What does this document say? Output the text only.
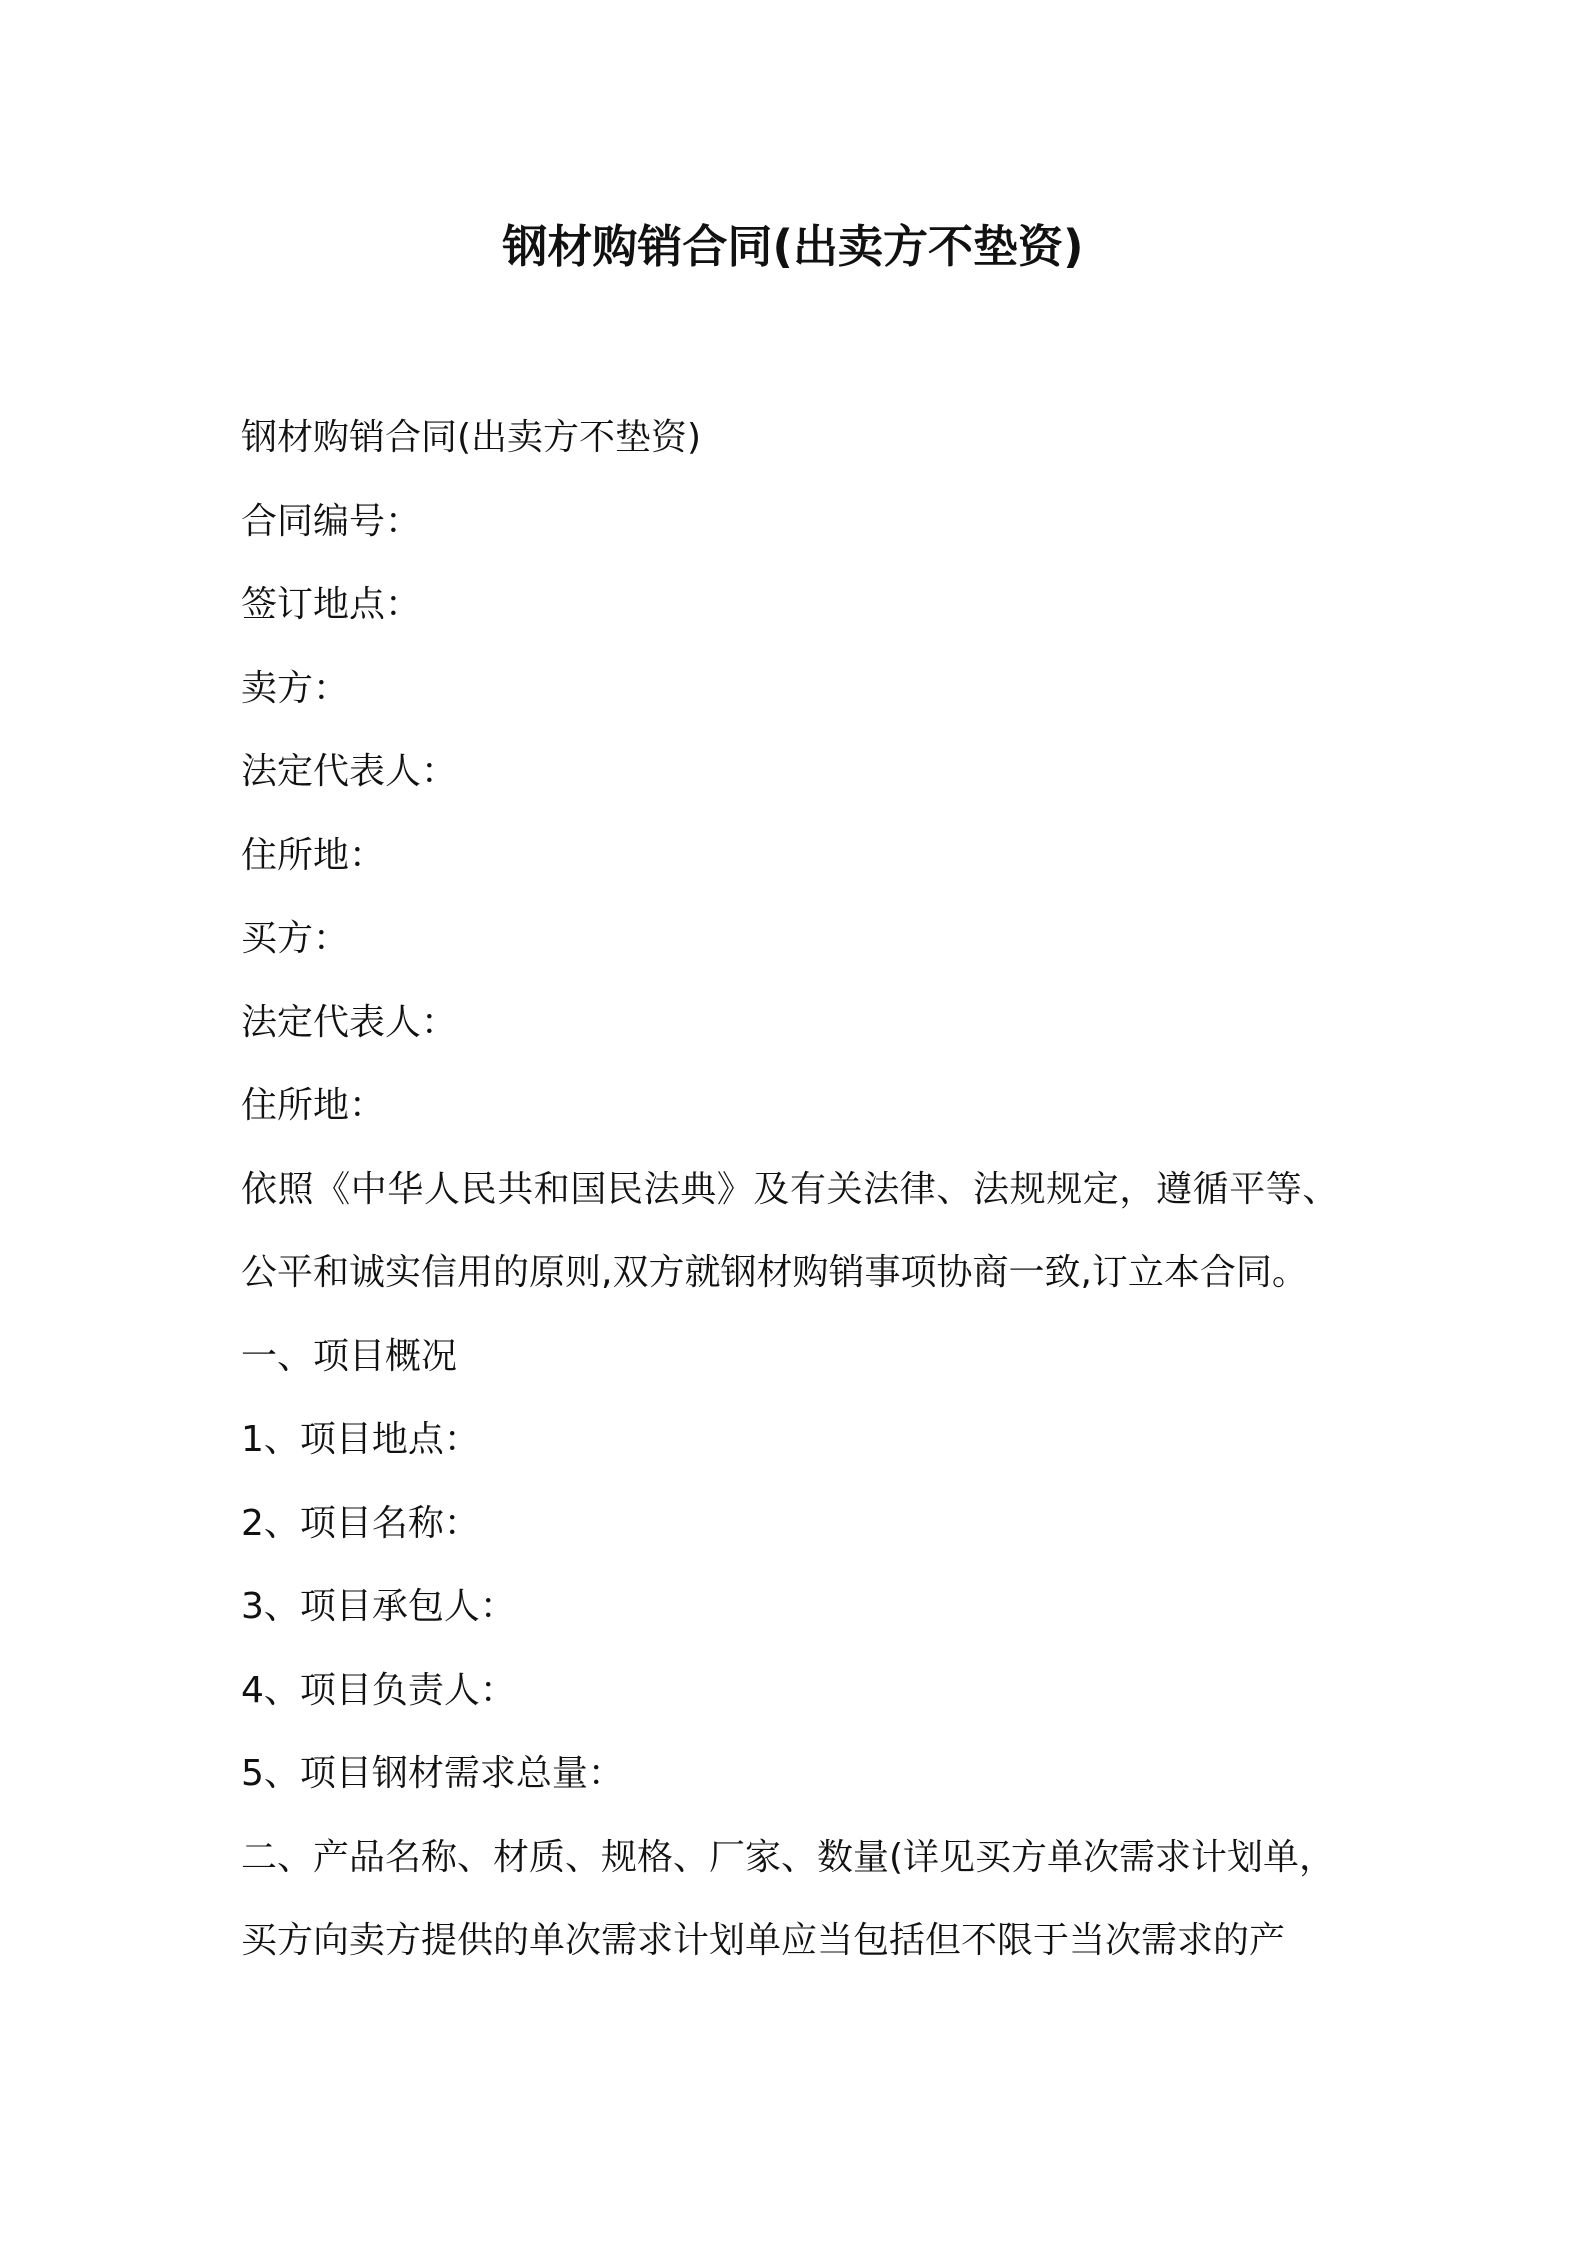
钢材购销合同(出卖方不垫资)
钢材购销合同(出卖方不垫资)
合同编号：
签订地点：
卖方：
法定代表人：
住所地：
买方：
法定代表人：
住所地：
依照《中华人民共和国民法典》及有关法律、法规规定，遵循平等、
公平和诚实信用的原则,双方就钢材购销事项协商一致,订立本合同。
一、项目概况
1、项目地点：
2、项目名称：
3、项目承包人：
4、项目负责人：
5、项目钢材需求总量：
二、产品名称、材质、规格、厂家、数量(详见买方单次需求计划单，
买方向卖方提供的单次需求计划单应当包括但不限于当次需求的产
